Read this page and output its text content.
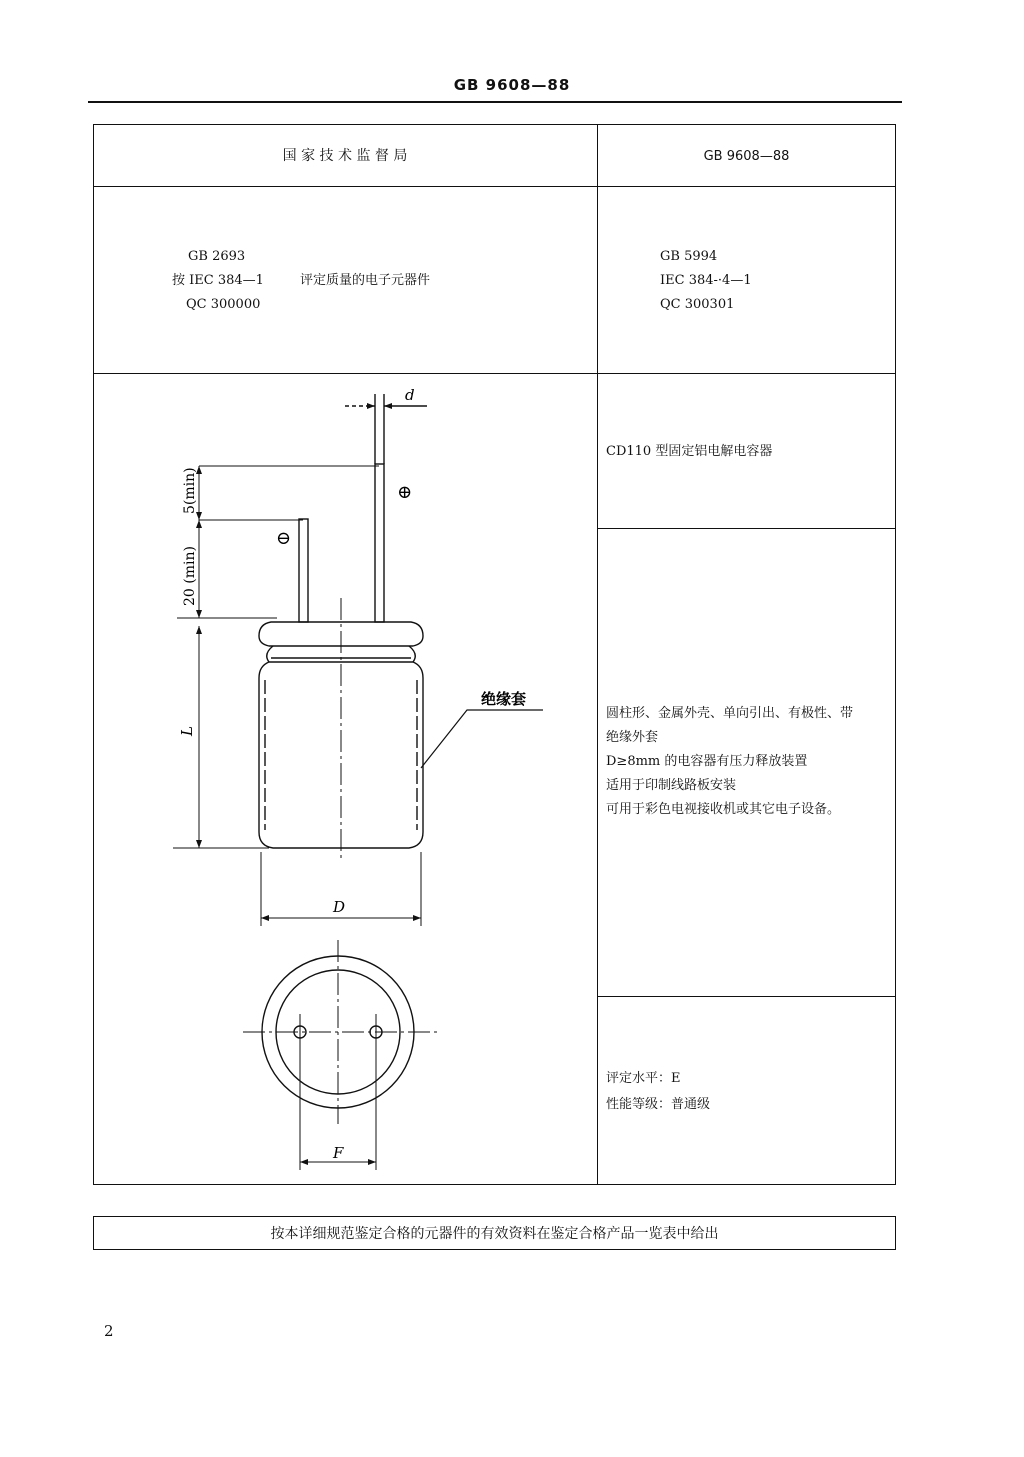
GB 9608—88
国 家 技 术 监 督 局	GB 9608—88
GB 2693
按 IEC 384—1	评定质量的电子元器件
QC 300000
GB 5994
IEC 384-·4—1
QC 300301
CD110 型固定铝电解电容器
圆柱形、金属外壳、单向引出、有极性、带
绝缘外套
D≥8mm 的电容器有压力释放装置
适用于印制线路板安装
可用于彩色电视接收机或其它电子设备。
评定水平：E
性能等级：普通级
d
⊕
⊖
5(min)
20 (min)
L
D
F
绝缘套
按本详细规范鉴定合格的元器件的有效资料在鉴定合格产品一览表中给出
2
